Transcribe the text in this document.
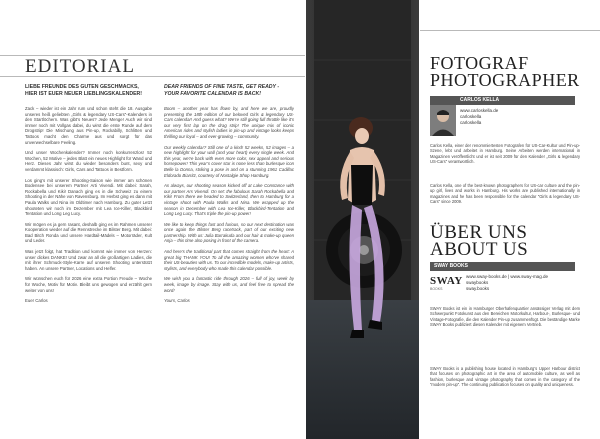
EDITORIAL
LIEBE FREUNDE DES GUTEN GESCHMACKS, HIER IST EUER NEUER LIEBLINGSKALENDER!
DEAR FRIENDS OF FINE TASTE, GET READY - YOUR FAVORITE CALENDAR IS BACK!

Zack – wieder ist ein Jahr rum und schon steht die 18. Ausgabe unseres heiß geliebten „Girls & legendary US-Cars“-Kalenders in den Startlöchern. Was gibt’s Neues? Jede Menge! Auch wir sind immer noch mit Vollgas dabei, du wirst die erste Runde auf dem Drogstrip! Die Mischung aus Pin-up, Rockabilly, Schlitten und Tattoos macht den Charme aus und sorgt für das unverwechselbare Feeling.

Und unser Wochenkalender? Immer noch konkurrenzlos! 52 Wochen, 52 Motive – jedes Blatt ein neues Highlight für Wand und Herz. Dieses Jahr wirst du wieder besonders bunt, sexy und verdammt klassisch: Girls, Cars and Tattoos in Bestform.

Los ging’s mit unserer Shooting-Saison wie immer am schönen Bodensee bei unserem Partner Arti Vivendi. Mit dabei: Sarah, Rockabella und Kiki! Danach ging es in die Schweiz zu einem Shooting in der Nähe von Ravensburg. Im Herbst ging es dann mit Paula Walks und Nina im Oldtimer nach Hamburg. Zu guter Letzt shooteten wir noch im Dezember mit Lea Ice-Killer, Blackbird Tentation und Long Leg Lucy.

Wir mögen es ja gern rasant, deshalb ging es im Rahmen unserer Kooperation wieder auf die Rennstrecke im Bilster Berg. Mit dabei: Bad Bitch Ronda und unsere Hardtail-Mädels – Motorräder, Kult und Leder.

Was jetzt folgt, hat Tradition und kommt wie immer von Herzen: unser dickes DANKE! Und zwar an all die großartigen Ladies, die mit ihrer Schmuck-Style-Karre auf unseren Shooting unterstützt haben. An unsere Partner, Locations und Helfer.

Wir wünschen euch für 2026 eine extra Portion Freude – Woche für Woche, Motiv für Motiv. Bleibt uns gewogen und erzählt gern weiter von uns!

Euer Carlos

Boom – another year has flown by, and here we are, proudly presenting the 18th edition of our beloved Girls & legendary US-Cars calendar! And guess what? We’re still going full throttle like it’s our very first lap on the drag strip! The unique mix of iconic American rides and stylish ladies in pin-up and vintage looks keeps thrilling our loyal – and ever-growing – community.

Our weekly calendar? Still one of a kind! 52 weeks, 52 images – a new highlight for your wall (and your heart) every single week. And this year, we’re back with even more color, sex appeal and serious horsepower! This year’s cover star is none less than burlesque icon Belle la Donna, striking a pose in and on a stunning 1961 Cadillac Eldorado Biarritz, courtesy of Nostalgie Shop Hamburg.

As always, our shooting season kicked off at Lake Constance with our partner Ars Vivendi. On set: the fabulous Sarah Rockabella and Kiki! From there we headed to Switzerland, then to Hamburg for a vintage shoot with Paula Walks and Nina. We wrapped up the season in December with Lea Ice-Killer, Blackbird-Tentation and Long Leg Lucy. That’s triple the pin-up power!

We like to keep things fast and furious, so our next destination was once again the Bilster Berg racetrack, part of our exciting new partnership. With us: Julia Barrakuda and our hair & make-up queen Anja – this time also posing in front of the camera.

And here’s the traditional part that comes straight from the heart: A great big THANK YOU! To all the amazing women who've shared their US-beauties with us. To our incredible models, make-up artists, stylists, and everybody who made this calendar possible.

We wish you a fantastic ride through 2026 – full of joy, week by week, image by image. Stay with us, and feel free to spread the word!

Yours, Carlos

FOTOGRAF
PHOTOGRAPHER
CARLOS KELLA
www.carloskella.de
carloskella
carloskella

Carlos Kella, einer der renommiertesten Fotografen für US-Car-Kultur und Pin-up-Szene, lebt und arbeitet in Hamburg. Seine Arbeiten werden international in Magazinen veröffentlicht und er ist seit 2009 für den Kalender „Girls & legendary US-Cars“ verantwortlich.

Carlos Kella, one of the best-known photographers for US-car culture and the pin-up girl, lives and works in Hamburg. His works are published internationally in magazines and he has been responsible for the calendar “Girls & legendary US-Cars” since 2009.

ÜBER UNS
ABOUT US
SWAY BOOKS
SWAY
BOOKS
www.sway-books.de | www.sway-mag.de
swaybooks
sway.books

SWAY Books ist ein in Hamburger Oberhafenquartier ansässiger Verlag mit dem Schwerpunkt Fotokunst aus den Bereichen Motorkultur, Harbour-, Burlesque- und Vintage-Fotografie, die den Kalender Pin-up zusammenfügt. Die beständige Marke SWAY Books publiziert diesen Kalender mit eigenem Vertrieb.

SWAY Books is a publishing house located in Hamburg’s Upper Harbour district that focuses on photographic art in the area of automobile culture, as well as fashion, burlesque and vintage photography that comes in the category of the “modern pin-up”. The continuing publication focuses on quality and uniqueness.
